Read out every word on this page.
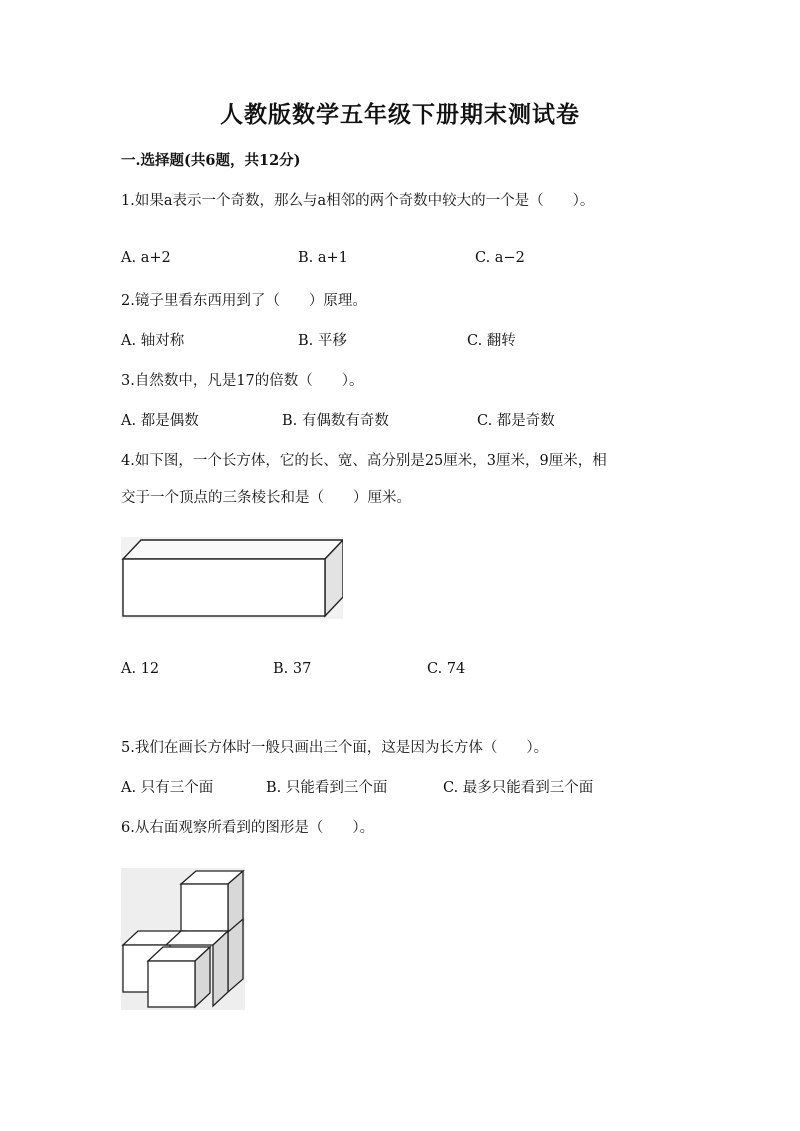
人教版数学五年级下册期末测试卷
一.选择题(共6题，共12分)
1.如果a表示一个奇数，那么与a相邻的两个奇数中较大的一个是（　　）。
A. a+2	B. a+1	C. a−2
2.镜子里看东西用到了（　　）原理。
A. 轴对称	B. 平移	C. 翻转
3.自然数中，凡是17的倍数（　　）。
A. 都是偶数	B. 有偶数有奇数	C. 都是奇数
4.如下图，一个长方体，它的长、宽、高分别是25厘米，3厘米，9厘米，相
交于一个顶点的三条棱长和是（　　）厘米。
A. 12	B. 37	C. 74
5.我们在画长方体时一般只画出三个面，这是因为长方体（　　）。
A. 只有三个面	B. 只能看到三个面	C. 最多只能看到三个面
6.从右面观察所看到的图形是（　　）。
